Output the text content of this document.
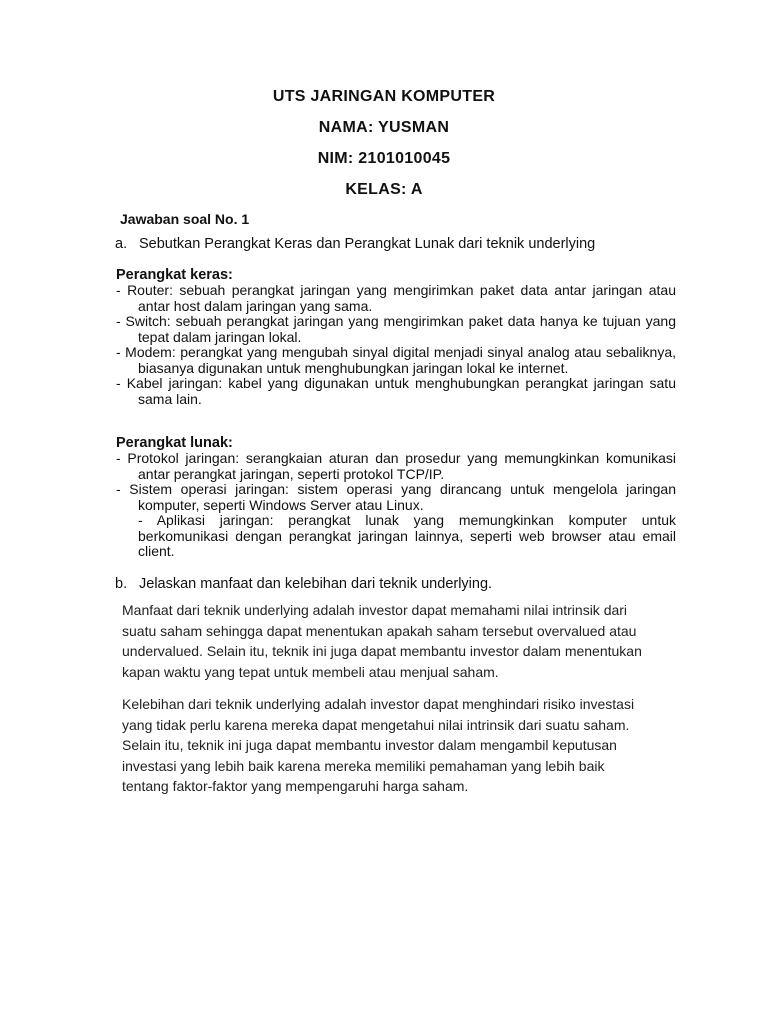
UTS JARINGAN KOMPUTER
NAMA: YUSMAN
NIM: 2101010045
KELAS: A
Jawaban soal No. 1
a. Sebutkan Perangkat Keras dan Perangkat Lunak dari teknik underlying
Perangkat keras:
- Router: sebuah perangkat jaringan yang mengirimkan paket data antar jaringan atau antar host dalam jaringan yang sama.
- Switch: sebuah perangkat jaringan yang mengirimkan paket data hanya ke tujuan yang tepat dalam jaringan lokal.
- Modem: perangkat yang mengubah sinyal digital menjadi sinyal analog atau sebaliknya, biasanya digunakan untuk menghubungkan jaringan lokal ke internet.
- Kabel jaringan: kabel yang digunakan untuk menghubungkan perangkat jaringan satu sama lain.
Perangkat lunak:
- Protokol jaringan: serangkaian aturan dan prosedur yang memungkinkan komunikasi antar perangkat jaringan, seperti protokol TCP/IP.
- Sistem operasi jaringan: sistem operasi yang dirancang untuk mengelola jaringan komputer, seperti Windows Server atau Linux.
- Aplikasi jaringan: perangkat lunak yang memungkinkan komputer untuk berkomunikasi dengan perangkat jaringan lainnya, seperti web browser atau email client.
b. Jelaskan manfaat dan kelebihan dari teknik underlying.

Manfaat dari teknik underlying adalah investor dapat memahami nilai intrinsik dari suatu saham sehingga dapat menentukan apakah saham tersebut overvalued atau undervalued. Selain itu, teknik ini juga dapat membantu investor dalam menentukan kapan waktu yang tepat untuk membeli atau menjual saham.

Kelebihan dari teknik underlying adalah investor dapat menghindari risiko investasi yang tidak perlu karena mereka dapat mengetahui nilai intrinsik dari suatu saham. Selain itu, teknik ini juga dapat membantu investor dalam mengambil keputusan investasi yang lebih baik karena mereka memiliki pemahaman yang lebih baik tentang faktor-faktor yang mempengaruhi harga saham.
